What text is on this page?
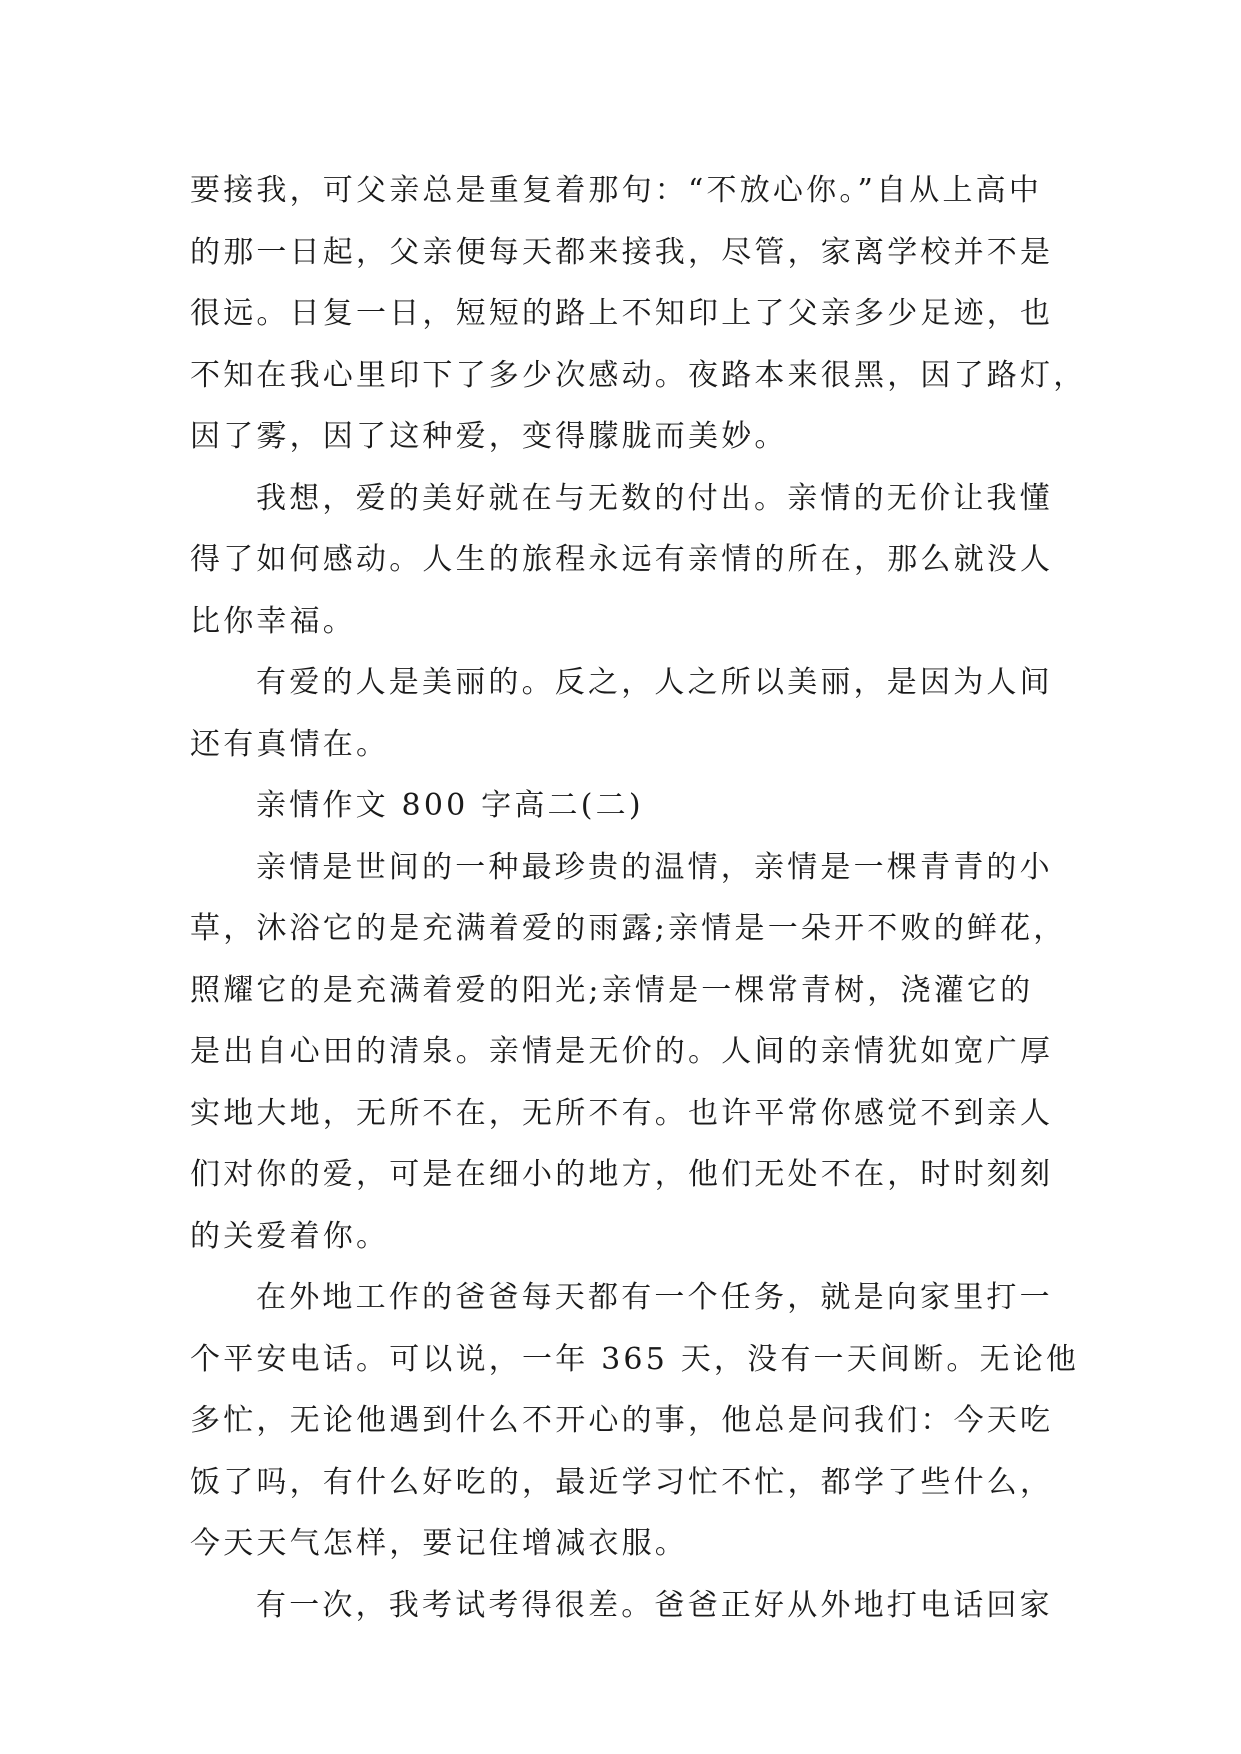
要接我，可父亲总是重复着那句：“不放心你。”自从上高中
的那一日起，父亲便每天都来接我，尽管，家离学校并不是
很远。日复一日，短短的路上不知印上了父亲多少足迹，也
不知在我心里印下了多少次感动。夜路本来很黑，因了路灯，
因了雾，因了这种爱，变得朦胧而美妙。
我想，爱的美好就在与无数的付出。亲情的无价让我懂
得了如何感动。人生的旅程永远有亲情的所在，那么就没人
比你幸福。
有爱的人是美丽的。反之，人之所以美丽，是因为人间
还有真情在。
亲情作文 800 字高二(二)
亲情是世间的一种最珍贵的温情，亲情是一棵青青的小
草，沐浴它的是充满着爱的雨露;亲情是一朵开不败的鲜花，
照耀它的是充满着爱的阳光;亲情是一棵常青树，浇灌它的
是出自心田的清泉。亲情是无价的。人间的亲情犹如宽广厚
实地大地，无所不在，无所不有。也许平常你感觉不到亲人
们对你的爱，可是在细小的地方，他们无处不在，时时刻刻
的关爱着你。
在外地工作的爸爸每天都有一个任务，就是向家里打一
个平安电话。可以说，一年 365 天，没有一天间断。无论他
多忙，无论他遇到什么不开心的事，他总是问我们：今天吃
饭了吗，有什么好吃的，最近学习忙不忙，都学了些什么，
今天天气怎样，要记住增减衣服。
有一次，我考试考得很差。爸爸正好从外地打电话回家
